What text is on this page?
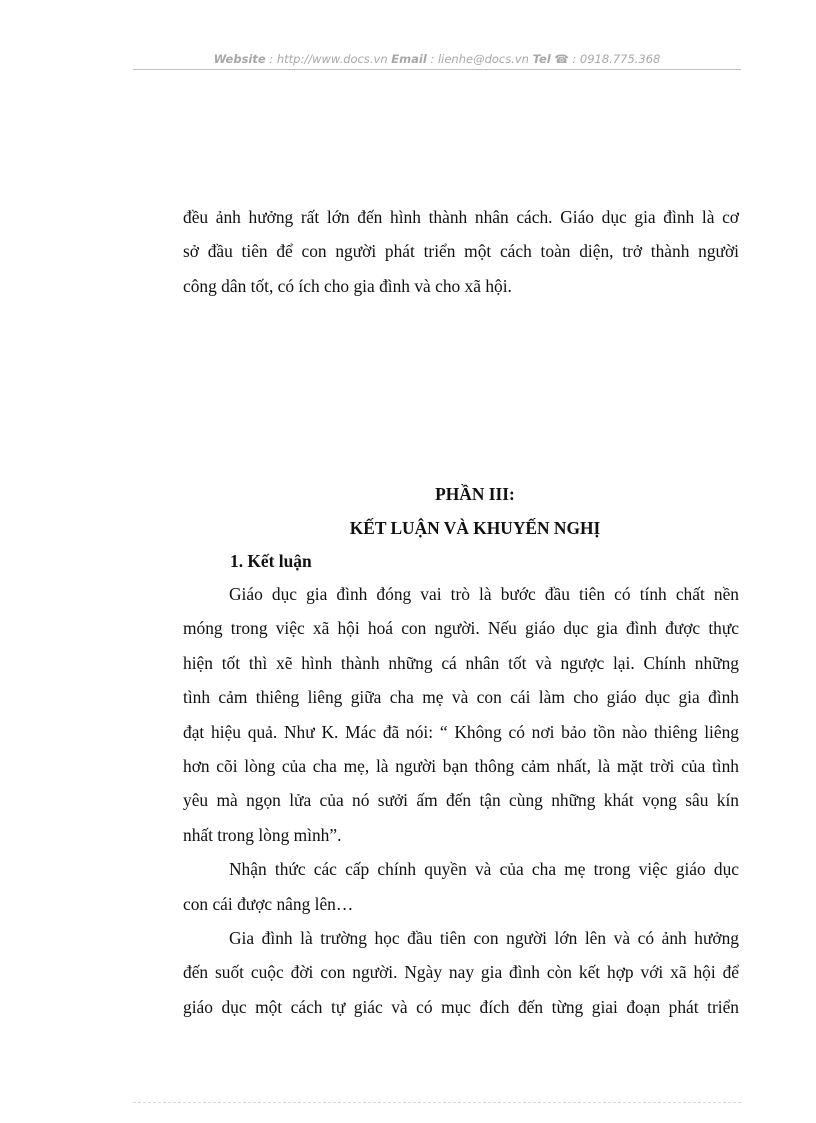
Website : http://www.docs.vn Email : lienhe@docs.vn Tel ☎ : 0918.775.368
đều ảnh hưởng rất lớn đến hình thành nhân cách. Giáo dục gia đình là cơ
sở đầu tiên để con người phát triển một cách toàn diện, trở thành người
công dân tốt, có ích cho gia đình và cho xã hội.
PHẦN III:
KẾT LUẬN VÀ KHUYẾN NGHỊ
1. Kết luận
Giáo dục gia đình đóng vai trò là bước đầu tiên có tính chất nền
móng trong việc xã hội hoá con người. Nếu giáo dục gia đình được thực
hiện tốt thì xẽ hình thành những cá nhân tốt và ngược lại. Chính những
tình cảm thiêng liêng giữa cha mẹ và con cái làm cho giáo dục gia đình
đạt hiệu quả. Như K. Mác đã nói: “ Không có nơi bảo tồn nào thiêng liêng
hơn cõi lòng của cha mẹ, là người bạn thông cảm nhất, là mặt trời của tình
yêu mà ngọn lửa của nó sưởi ấm đến tận cùng những khát vọng sâu kín
nhất trong lòng mình”.
Nhận thức các cấp chính quyền và của cha mẹ trong việc giáo dục
con cái được nâng lên…
Gia đình là trường học đầu tiên con người lớn lên và có ảnh hưởng
đến suốt cuộc đời con người. Ngày nay gia đình còn kết hợp với xã hội để
giáo dục một cách tự giác và có mục đích đến từng giai đoạn phát triển
